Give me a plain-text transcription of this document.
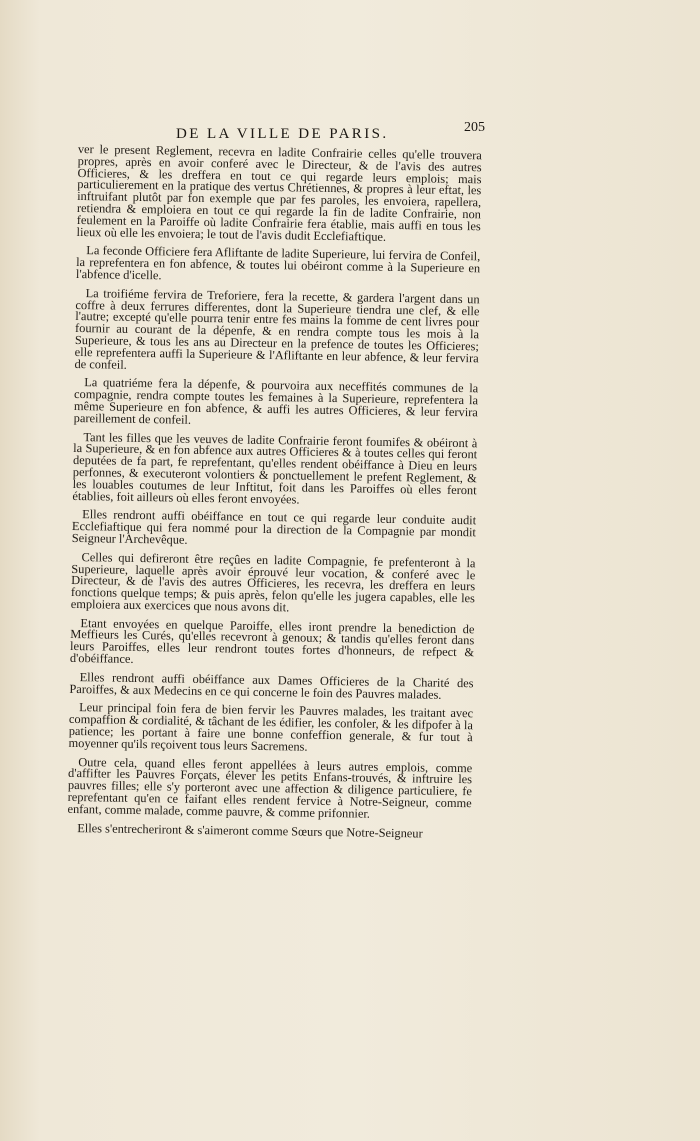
DE LA VILLE DE PARIS.	205

ver le present Reglement, recevra en ladite Confrairie celles qu'elle trouvera propres, après en avoir conferé avec le Directeur, & de l'avis des autres Officieres, & les dreffera en tout ce qui regarde leurs emplois; mais particulierement en la pratique des vertus Chrétiennes, & propres à leur eftat, les inftruifant plutôt par fon exemple que par fes paroles, les envoiera, rapellera, retiendra & emploiera en tout ce qui regarde la fin de ladite Confrairie, non feulement en la Paroiffe où ladite Confrairie fera établie, mais auffi en tous les lieux où elle les envoiera; le tout de l'avis dudit Ecclefiaftique.

La feconde Officiere fera Afliftante de ladite Superieure, lui fervira de Confeil, la reprefentera en fon abfence, & toutes lui obéiront comme à la Superieure en l'abfence d'icelle.

La troifiéme fervira de Treforiere, fera la recette, & gardera l'argent dans un coffre à deux ferrures differentes, dont la Superieure tiendra une clef, & elle l'autre; excepté qu'elle pourra tenir entre fes mains la fomme de cent livres pour fournir au courant de la dépenfe, & en rendra compte tous les mois à la Superieure, & tous les ans au Directeur en la prefence de toutes les Officieres; elle reprefentera auffi la Superieure & l'Afliftante en leur abfence, & leur fervira de confeil.

La quatriéme fera la dépenfe, & pourvoira aux neceffités communes de la compagnie, rendra compte toutes les femaines à la Superieure, reprefentera la même Superieure en fon abfence, & auffi les autres Officieres, & leur fervira pareillement de confeil.

Tant les filles que les veuves de ladite Confrairie feront foumifes & obéiront à la Superieure, & en fon abfence aux autres Officieres & à toutes celles qui feront deputées de fa part, fe reprefentant, qu'elles rendent obéiffance à Dieu en leurs perfonnes, & executeront volontiers & ponctuellement le prefent Reglement, & les louables coutumes de leur Inftitut, foit dans les Paroiffes où elles feront établies, foit ailleurs où elles feront envoyées.

Elles rendront auffi obéiffance en tout ce qui regarde leur conduite audit Ecclefiaftique qui fera nommé pour la direction de la Compagnie par mondit Seigneur l'Archevêque.

Celles qui defireront être reçûes en ladite Compagnie, fe prefenteront à la Superieure, laquelle après avoir éprouvé leur vocation, & conferé avec le Directeur, & de l'avis des autres Officieres, les recevra, les dreffera en leurs fonctions quelque temps; & puis après, felon qu'elle les jugera capables, elle les emploiera aux exercices que nous avons dit.

Etant envoyées en quelque Paroiffe, elles iront prendre la benediction de Meffieurs les Curés, qu'elles recevront à genoux; & tandis qu'elles feront dans leurs Paroiffes, elles leur rendront toutes fortes d'honneurs, de refpect & d'obéiffance.

Elles rendront auffi obéiffance aux Dames Officieres de la Charité des Paroiffes, & aux Medecins en ce qui concerne le foin des Pauvres malades.

Leur principal foin fera de bien fervir les Pauvres malades, les traitant avec compaffion & cordialité, & tâchant de les édifier, les confoler, & les difpofer à la patience; les portant à faire une bonne confeffion generale, & fur tout à moyenner qu'ils reçoivent tous leurs Sacremens.

Outre cela, quand elles feront appellées à leurs autres emplois, comme d'affifter les Pauvres Forçats, élever les petits Enfans-trouvés, & inftruire les pauvres filles; elle s'y porteront avec une affection & diligence particuliere, fe reprefentant qu'en ce faifant elles rendent fervice à Notre-Seigneur, comme enfant, comme malade, comme pauvre, & comme prifonnier.

Elles s'entrecheriront & s'aimeront comme Sœurs que Notre-Seigneur
